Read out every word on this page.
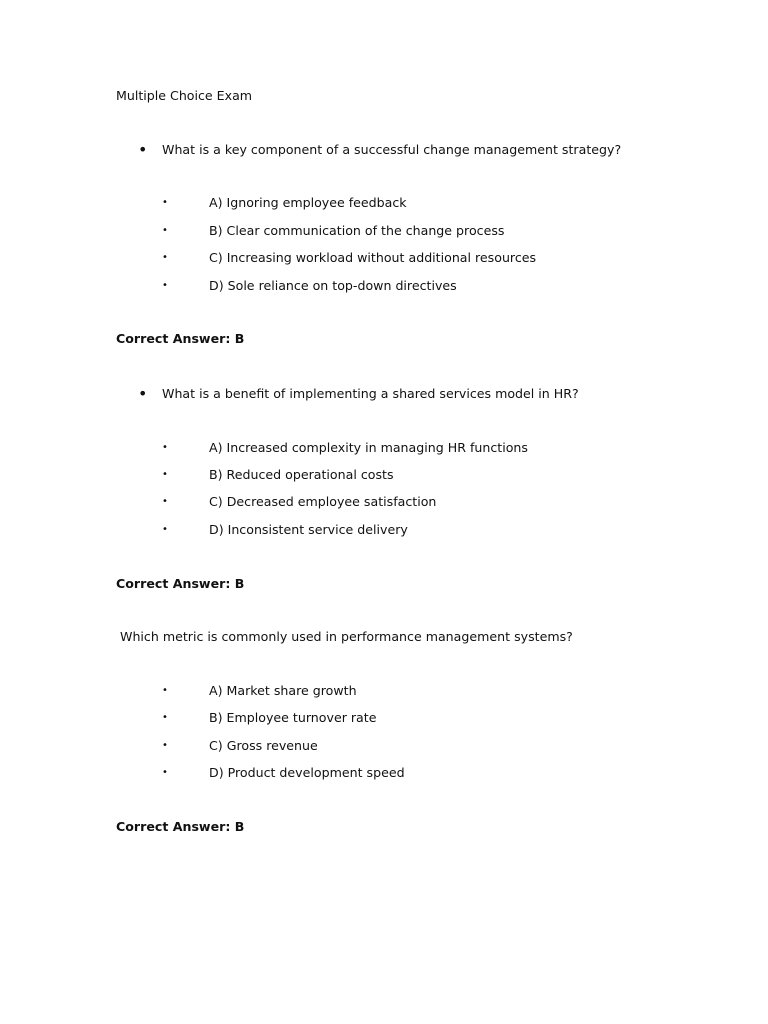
Multiple Choice Exam
• What is a key component of a successful change management strategy?
•	A) Ignoring employee feedback
•	B) Clear communication of the change process
•	C) Increasing workload without additional resources
•	D) Sole reliance on top-down directives
Correct Answer: B
• What is a benefit of implementing a shared services model in HR?
•	A) Increased complexity in managing HR functions
•	B) Reduced operational costs
•	C) Decreased employee satisfaction
•	D) Inconsistent service delivery
Correct Answer: B
Which metric is commonly used in performance management systems?
•	A) Market share growth
•	B) Employee turnover rate
•	C) Gross revenue
•	D) Product development speed
Correct Answer: B
